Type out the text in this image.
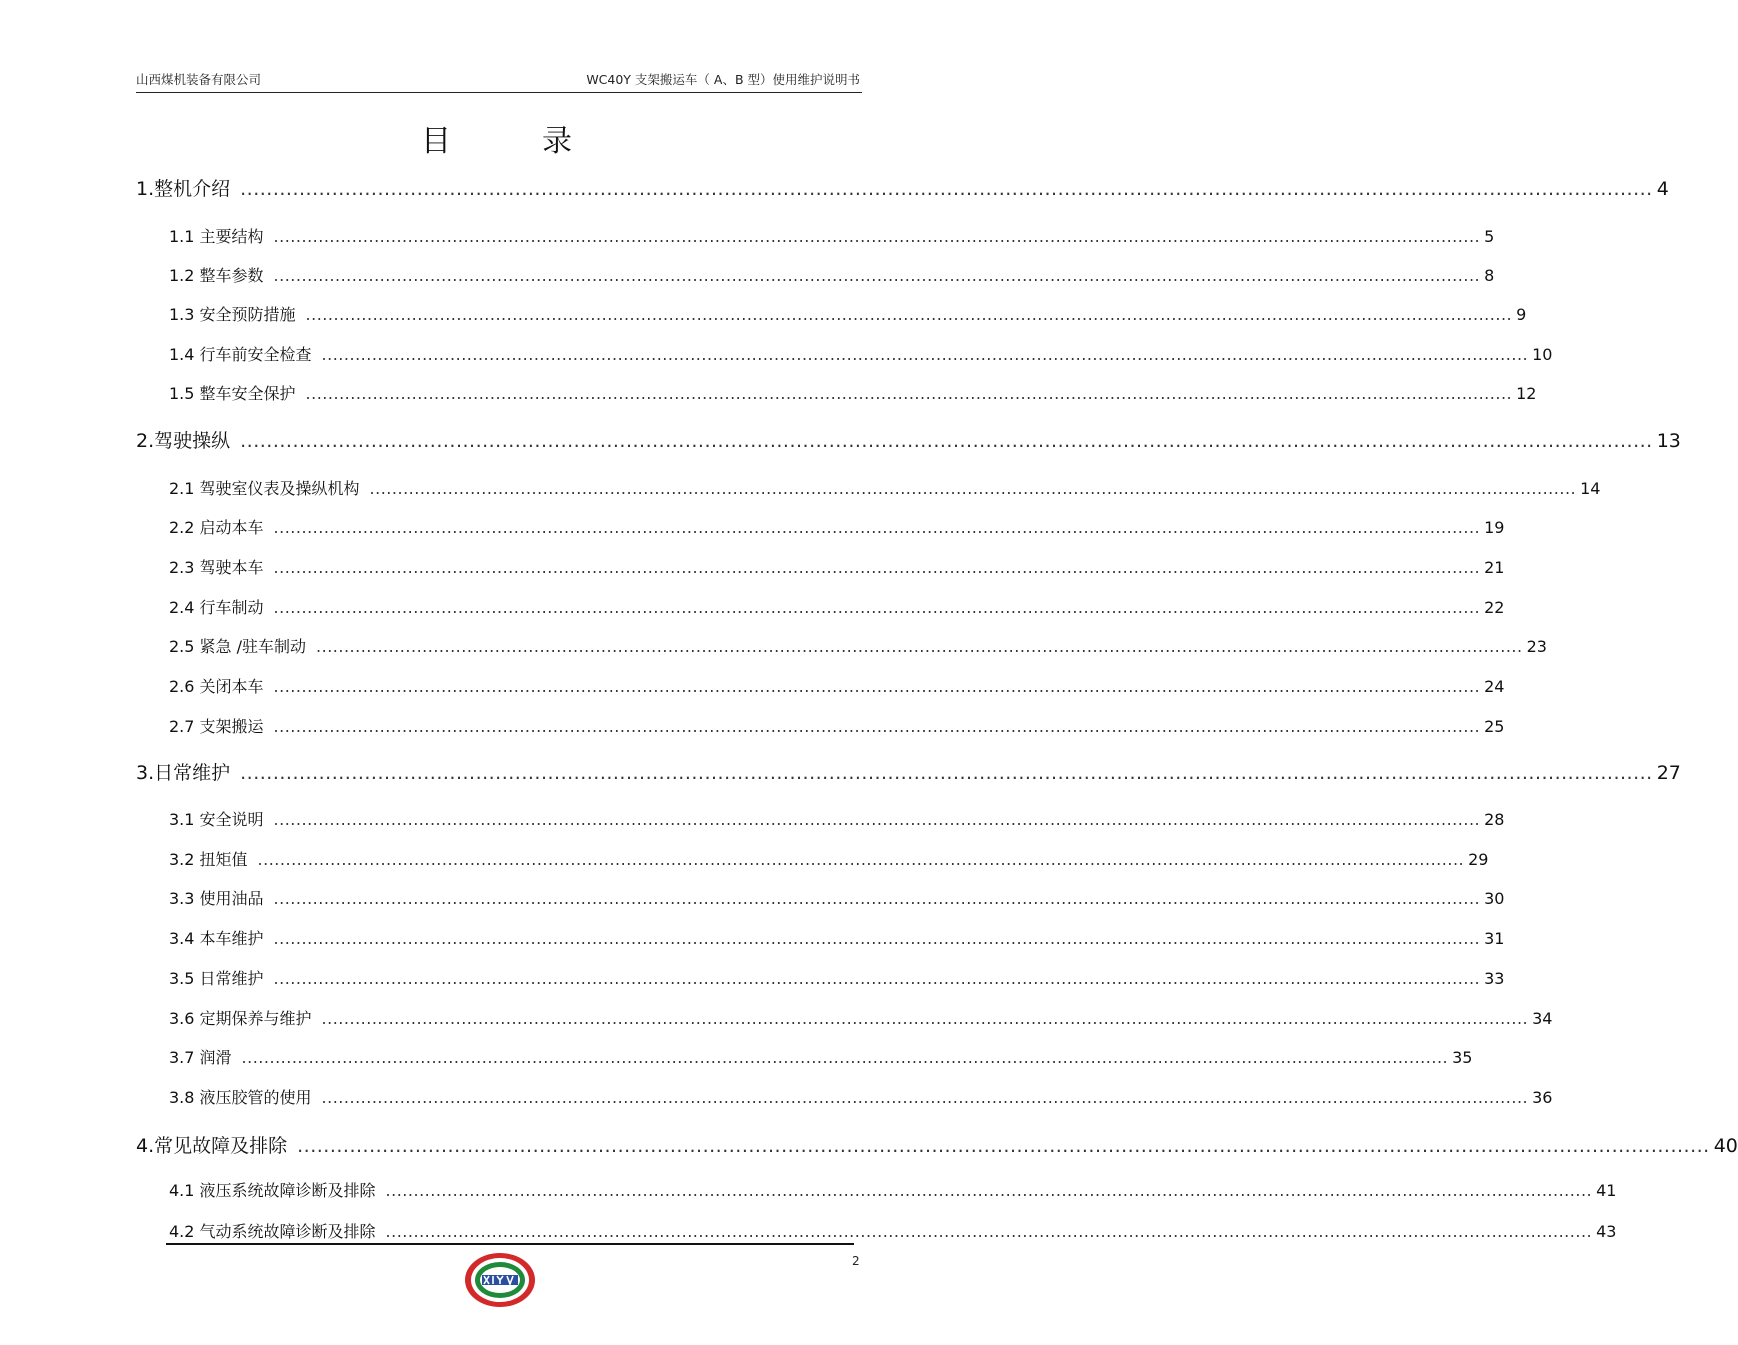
山西煤机装备有限公司	WC40Y 支架搬运车（ A、B 型）使用维护说明书
目	录
1.整机介绍 ........................................................................................................................................................................................................................ 4
1.1 主要结构 ........................................................................................................................................................................................................................ 5
1.2 整车参数 ........................................................................................................................................................................................................................ 8
1.3 安全预防措施 ........................................................................................................................................................................................................................ 9
1.4 行车前安全检查 ........................................................................................................................................................................................................................ 10
1.5 整车安全保护 ........................................................................................................................................................................................................................ 12
2.驾驶操纵 ........................................................................................................................................................................................................................ 13
2.1 驾驶室仪表及操纵机构 ........................................................................................................................................................................................................................ 14
2.2 启动本车 ........................................................................................................................................................................................................................ 19
2.3 驾驶本车 ........................................................................................................................................................................................................................ 21
2.4 行车制动 ........................................................................................................................................................................................................................ 22
2.5 紧急 /驻车制动 ........................................................................................................................................................................................................................ 23
2.6 关闭本车 ........................................................................................................................................................................................................................ 24
2.7 支架搬运 ........................................................................................................................................................................................................................ 25
3.日常维护 ........................................................................................................................................................................................................................ 27
3.1 安全说明 ........................................................................................................................................................................................................................ 28
3.2 扭矩值 ........................................................................................................................................................................................................................ 29
3.3 使用油品 ........................................................................................................................................................................................................................ 30
3.4 本车维护 ........................................................................................................................................................................................................................ 31
3.5 日常维护 ........................................................................................................................................................................................................................ 33
3.6 定期保养与维护 ........................................................................................................................................................................................................................ 34
3.7 润滑 ........................................................................................................................................................................................................................ 35
3.8 液压胶管的使用 ........................................................................................................................................................................................................................ 36
4.常见故障及排除 ........................................................................................................................................................................................................................ 40
4.1 液压系统故障诊断及排除 ........................................................................................................................................................................................................................ 41
4.2 气动系统故障诊断及排除 ........................................................................................................................................................................................................................ 43
2
